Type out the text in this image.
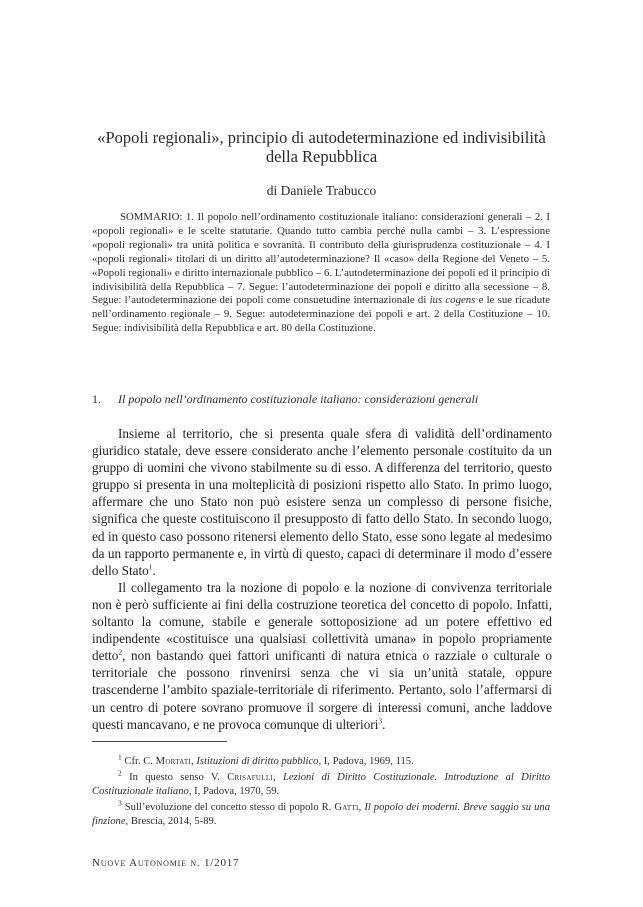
«Popoli regionali», principio di autodeterminazione ed indivisibilità
della Repubblica
di Daniele Trabucco
SOMMARIO: 1. Il popolo nell’ordinamento costituzionale italiano: considerazioni generali – 2. I «popoli regionali» e le scelte statutarie. Quando tutto cambia perché nulla cambi – 3. L’espressione «popoli regionali» tra unità politica e sovranità. Il contributo della giurisprudenza costituzionale – 4. I «popoli regionali» titolari di un diritto all’autodeterminazione? Il «caso» della Regione del Veneto – 5. «Popoli regionali» e diritto internazionale pubblico – 6. L’autodeterminazione dei popoli ed il principio di indivisibilità della Repubblica – 7. Segue: l’autodeterminazione dei popoli e diritto alla secessione – 8. Segue: l’autodeterminazione dei popoli come consuetudine internazionale di ius cogens e le sue ricadute nell’ordinamento regionale – 9. Segue: autodeterminazione dei popoli e art. 2 della Costituzione – 10. Segue: indivisibilità della Repubblica e art. 80 della Costituzione.
1. Il popolo nell’ordinamento costituzionale italiano: considerazioni generali

Insieme al territorio, che si presenta quale sfera di validità dell’ordinamento giuridico statale, deve essere considerato anche l’elemento personale costituito da un gruppo di uomini che vivono stabilmente su di esso. A differenza del territorio, questo gruppo si presenta in una molteplicità di posizioni rispetto allo Stato. In primo luogo, affermare che uno Stato non può esistere senza un complesso di persone fisiche, significa che queste costituiscono il presupposto di fatto dello Stato. In secondo luogo, ed in questo caso possono ritenersi elemento dello Stato, esse sono legate al medesimo da un rapporto permanente e, in virtù di questo, capaci di determinare il modo d’essere dello Stato$^1$.

Il collegamento tra la nozione di popolo e la nozione di convivenza territoriale non è però sufficiente ai fini della costruzione teoretica del concetto di popolo. Infatti, soltanto la comune, stabile e generale sottoposizione ad un potere effettivo ed indipendente «costituisce una qualsiasi collettività umana» in popolo propriamente detto$^2$, non bastando quei fattori unificanti di natura etnica o razziale o culturale o territoriale che possono rinvenirsi senza che vi sia un’unità statale, oppure trascenderne l’ambito spaziale-territoriale di riferimento. Pertanto, solo l’affermarsi di un centro di potere sovrano promuove il sorgere di interessi comuni, anche laddove questi mancavano, e ne provoca comunque di ulteriori$^3$.

$^1$ Cfr. C. Mortati, Istituzioni di diritto pubblico, I, Padova, 1969, 115.

$^2$ In questo senso V. Crisafulli, Lezioni di Diritto Costituzionale. Introduzione al Diritto Costituzionale italiano, I, Padova, 1970, 59.

$^3$ Sull’evoluzione del concetto stesso di popolo R. Gatti, Il popolo dei moderni. Breve saggio su una finzione, Brescia, 2014, 5-89.

Nuove Autonomie n. 1/2017
